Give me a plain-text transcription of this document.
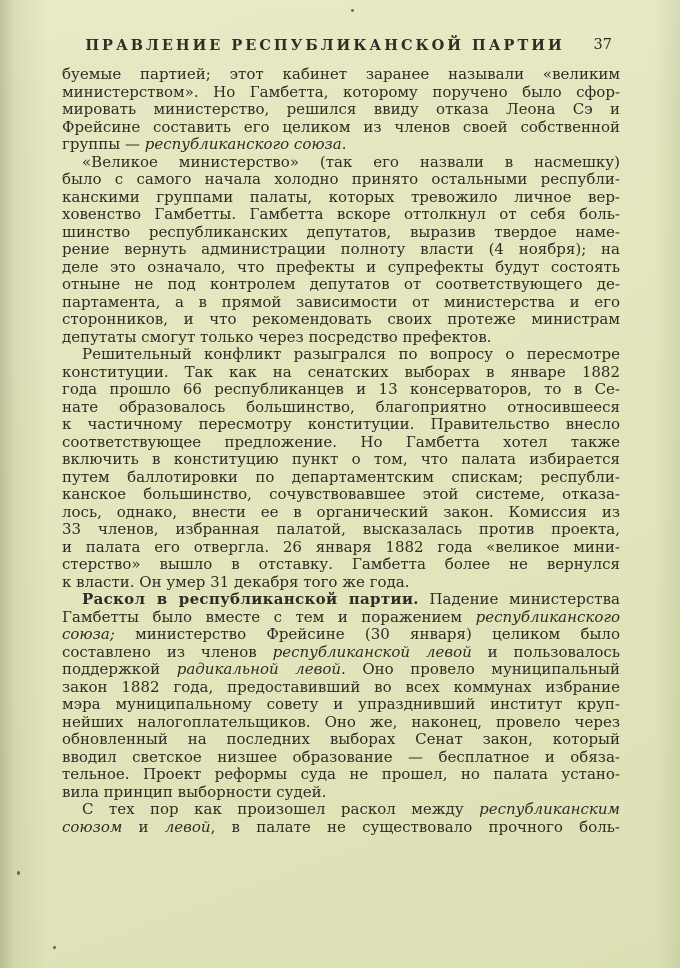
ПРАВЛЕНИЕ РЕСПУБЛИКАНСКОЙ ПАРТИИ	37
буемые партией; этот кабинет заранее называли «великим
министерством». Но Гамбетта, которому поручено было сфор-
мировать министерство, решился ввиду отказа Леона Сэ и
Фрейсине составить его целиком из членов своей собственной
группы — республиканского союза.
«Великое министерство» (так его назвали в насмешку)
было с самого начала холодно принято остальными республи-
канскими группами палаты, которых тревожило личное вер-
ховенство Гамбетты. Гамбетта вскоре оттолкнул от себя боль-
шинство республиканских депутатов, выразив твердое наме-
рение вернуть администрации полноту власти (4 ноября); на
деле это означало, что префекты и супрефекты будут состоять
отныне не под контролем депутатов от соответствующего де-
партамента, а в прямой зависимости от министерства и его
сторонников, и что рекомендовать своих протеже министрам
депутаты смогут только через посредство префектов.
Решительный конфликт разыгрался по вопросу о пересмотре
конституции. Так как на сенатских выборах в январе 1882
года прошло 66 республиканцев и 13 консерваторов, то в Се-
нате образовалось большинство, благоприятно относившееся
к частичному пересмотру конституции. Правительство внесло
соответствующее предложение. Но Гамбетта хотел также
включить в конституцию пункт о том, что палата избирается
путем баллотировки по департаментским спискам; республи-
канское большинство, сочувствовавшее этой системе, отказа-
лось, однако, внести ее в органический закон. Комиссия из
33 членов, избранная палатой, высказалась против проекта,
и палата его отвергла. 26 января 1882 года «великое мини-
стерство» вышло в отставку. Гамбетта более не вернулся
к власти. Он умер 31 декабря того же года.
Раскол в республиканской партии. Падение министерства
Гамбетты было вместе с тем и поражением республиканского
союза; министерство Фрейсине (30 января) целиком было
составлено из членов республиканской левой и пользовалось
поддержкой радикальной левой. Оно провело муниципальный
закон 1882 года, предоставивший во всех коммунах избрание
мэра муниципальному совету и упразднивший институт круп-
нейших налогоплательщиков. Оно же, наконец, провело через
обновленный на последних выборах Сенат закон, который
вводил светское низшее образование — бесплатное и обяза-
тельное. Проект реформы суда не прошел, но палата устано-
вила принцип выборности судей.
С тех пор как произошел раскол между республиканским
союзом и левой, в палате не существовало прочного боль-
